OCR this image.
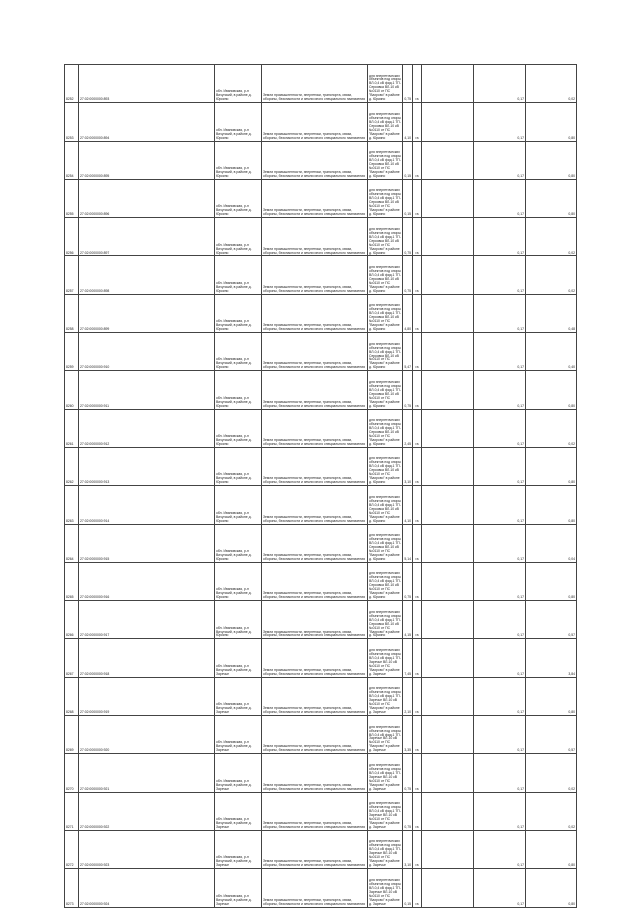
8252	27:02:0000000:893	обл. Ивановская, р-н Вичугский, в районе д. Юркино	Земли промышленности, энергетики, транспорта, связи, обороны, безопасности и земли иного специального назначения	для энергетических объектов под опоры ВЛ-0,4 кВ фид.1 ТП-Серковка ВЛ-10 кВ №0110 от ПС "Вахрово" в районе д. Юркино	0,75	га		0,17	0,02
8253	27:02:0000000:894	обл. Ивановская, р-н Вичугский, в районе д. Юркино	Земли промышленности, энергетики, транспорта, связи, обороны, безопасности и земли иного специального назначения	для энергетических объектов под опоры ВЛ-0,4 кВ фид.1 ТП-Серковка ВЛ-10 кВ №0110 от ПС "Вахрово" в районе д. Юркино	4,10	га		0,17	0,80
8254	27:02:0000000:895	обл. Ивановская, р-н Вичугский, в районе д. Юркино	Земли промышленности, энергетики, транспорта, связи, обороны, безопасности и земли иного специального назначения	для энергетических объектов под опоры ВЛ-0,4 кВ фид.1 ТП-Серковка ВЛ-10 кВ №0110 от ПС "Вахрово" в районе д. Юркино	0,15	га		0,17	0,80
8255	27:02:0000000:896	обл. Ивановская, р-н Вичугский, в районе д. Юркино	Земли промышленности, энергетики, транспорта, связи, обороны, безопасности и земли иного специального назначения	для энергетических объектов под опоры ВЛ-0,4 кВ фид.1 ТП-Серковка ВЛ-10 кВ №0110 от ПС "Вахрово" в районе д. Юркино	0,15	га		0,17	0,80
8256	27:02:0000000:897	обл. Ивановская, р-н Вичугский, в районе д. Юркино	Земли промышленности, энергетики, транспорта, связи, обороны, безопасности и земли иного специального назначения	для энергетических объектов под опоры ВЛ-0,4 кВ фид.1 ТП-Серковка ВЛ-10 кВ №0110 от ПС "Вахрово" в районе д. Юркино	0,75	га		0,17	0,02
8257	27:02:0000000:898	обл. Ивановская, р-н Вичугский, в районе д. Юркино	Земли промышленности, энергетики, транспорта, связи, обороны, безопасности и земли иного специального назначения	для энергетических объектов под опоры ВЛ-0,4 кВ фид.1 ТП-Серковка ВЛ-10 кВ №0110 от ПС "Вахрово" в районе д. Юркино	0,75	га		0,17	0,02
8258	27:02:0000000:899	обл. Ивановская, р-н Вичугский, в районе д. Юркино	Земли промышленности, энергетики, транспорта, связи, обороны, безопасности и земли иного специального назначения	для энергетических объектов под опоры ВЛ-0,4 кВ фид.1 ТП-Серковка ВЛ-10 кВ №0110 от ПС "Вахрово" в районе д. Юркино	4,80	га		0,17	0,48
8259	27:02:0000000:910	обл. Ивановская, р-н Вичугский, в районе д. Юркино	Земли промышленности, энергетики, транспорта, связи, обороны, безопасности и земли иного специального назначения	для энергетических объектов под опоры ВЛ-0,4 кВ фид.1 ТП-Серковка ВЛ-10 кВ №0110 от ПС "Вахрово" в районе д. Юркино	5,47	га		0,17	0,40
8260	27:02:0000000:911	обл. Ивановская, р-н Вичугский, в районе д. Юркино	Земли промышленности, энергетики, транспорта, связи, обороны, безопасности и земли иного специального назначения	для энергетических объектов под опоры ВЛ-0,4 кВ фид.1 ТП-Серковка ВЛ-10 кВ №0110 от ПС "Вахрово" в районе д. Юркино	0,75	га		0,17	0,80
8261	27:02:0000000:912	обл. Ивановская, р-н Вичугский, в районе д. Юркино	Земли промышленности, энергетики, транспорта, связи, обороны, безопасности и земли иного специального назначения	для энергетических объектов под опоры ВЛ-0,4 кВ фид.1 ТП-Серковка ВЛ-10 кВ №0110 от ПС "Вахрово" в районе д. Юркино	2,45	га		0,17	0,02
8262	27:02:0000000:913	обл. Ивановская, р-н Вичугский, в районе д. Юркино	Земли промышленности, энергетики, транспорта, связи, обороны, безопасности и земли иного специального назначения	для энергетических объектов под опоры ВЛ-0,4 кВ фид.1 ТП-Серковка ВЛ-10 кВ №0110 от ПС "Вахрово" в районе д. Юркино	3,10	га		0,17	0,80
8263	27:02:0000000:914	обл. Ивановская, р-н Вичугский, в районе д. Юркино	Земли промышленности, энергетики, транспорта, связи, обороны, безопасности и земли иного специального назначения	для энергетических объектов под опоры ВЛ-0,4 кВ фид.1 ТП-Серковка ВЛ-10 кВ №0110 от ПС "Вахрово" в районе д. Юркино	4,10	га		0,17	0,80
8264	27:02:0000000:915	обл. Ивановская, р-н Вичугский, в районе д. Юркино	Земли промышленности, энергетики, транспорта, связи, обороны, безопасности и земли иного специального назначения	для энергетических объектов под опоры ВЛ-0,4 кВ фид.1 ТП-Серковка ВЛ-10 кВ №0110 от ПС "Вахрово" в районе д. Юркино	5,14	га		0,17	0,04
8265	27:02:0000000:916	обл. Ивановская, р-н Вичугский, в районе д. Юркино	Земли промышленности, энергетики, транспорта, связи, обороны, безопасности и земли иного специального назначения	для энергетических объектов под опоры ВЛ-0,4 кВ фид.1 ТП-Серковка ВЛ-10 кВ №0110 от ПС "Вахрово" в районе д. Юркино	0,75	га		0,17	0,80
8266	27:02:0000000:917	обл. Ивановская, р-н Вичугский, в районе д. Юркино	Земли промышленности, энергетики, транспорта, связи, обороны, безопасности и земли иного специального назначения	для энергетических объектов под опоры ВЛ-0,4 кВ фид.1 ТП-Серковка ВЛ-10 кВ №0110 от ПС "Вахрово" в районе д. Юркино	4,15	га		0,17	0,57
8267	27:02:0000000:918	обл. Ивановская, р-н Вичугский, в районе д. Заречье	Земли промышленности, энергетики, транспорта, связи, обороны, безопасности и земли иного специального назначения	для энергетических объектов под опоры ВЛ-0,4 кВ фид.1 ТП-Заречье ВЛ-10 кВ №0110 от ПС "Вахрово" в районе д. Заречье	7,45	га		0,17	3,84
8268	27:02:0000000:919	обл. Ивановская, р-н Вичугский, в районе д. Заречье	Земли промышленности, энергетики, транспорта, связи, обороны, безопасности и земли иного специального назначения	для энергетических объектов под опоры ВЛ-0,4 кВ фид.1 ТП-Заречье ВЛ-10 кВ №0110 от ПС "Вахрово" в районе д. Заречье	2,10	га		0,17	0,80
8269	27:02:0000000:920	обл. Ивановская, р-н Вичугский, в районе д. Заречье	Земли промышленности, энергетики, транспорта, связи, обороны, безопасности и земли иного специального назначения	для энергетических объектов под опоры ВЛ-0,4 кВ фид.1 ТП-Заречье ВЛ-10 кВ №0110 от ПС "Вахрово" в районе д. Заречье	3,35	га		0,17	0,57
8270	27:02:0000000:921	обл. Ивановская, р-н Вичугский, в районе д. Заречье	Земли промышленности, энергетики, транспорта, связи, обороны, безопасности и земли иного специального назначения	для энергетических объектов под опоры ВЛ-0,4 кВ фид.1 ТП-Заречье ВЛ-10 кВ №0110 от ПС "Вахрово" в районе д. Заречье	0,75	га		0,17	0,02
8271	27:02:0000000:922	обл. Ивановская, р-н Вичугский, в районе д. Заречье	Земли промышленности, энергетики, транспорта, связи, обороны, безопасности и земли иного специального назначения	для энергетических объектов под опоры ВЛ-0,4 кВ фид.1 ТП-Заречье ВЛ-10 кВ №0110 от ПС "Вахрово" в районе д. Заречье	0,75	га		0,17	0,02
8272	27:02:0000000:923	обл. Ивановская, р-н Вичугский, в районе д. Заречье	Земли промышленности, энергетики, транспорта, связи, обороны, безопасности и земли иного специального назначения	для энергетических объектов под опоры ВЛ-0,4 кВ фид.1 ТП-Заречье ВЛ-10 кВ №0110 от ПС "Вахрово" в районе д. Заречье	3,10	га		0,17	0,80
8273	27:02:0000000:924	обл. Ивановская, р-н Вичугский, в районе д. Заречье	Земли промышленности, энергетики, транспорта, связи, обороны, безопасности и земли иного специального назначения	для энергетических объектов под опоры ВЛ-0,4 кВ фид.1 ТП-Заречье ВЛ-10 кВ №0110 от ПС "Вахрово" в районе д. Заречье	0,15	га		0,17	0,80
